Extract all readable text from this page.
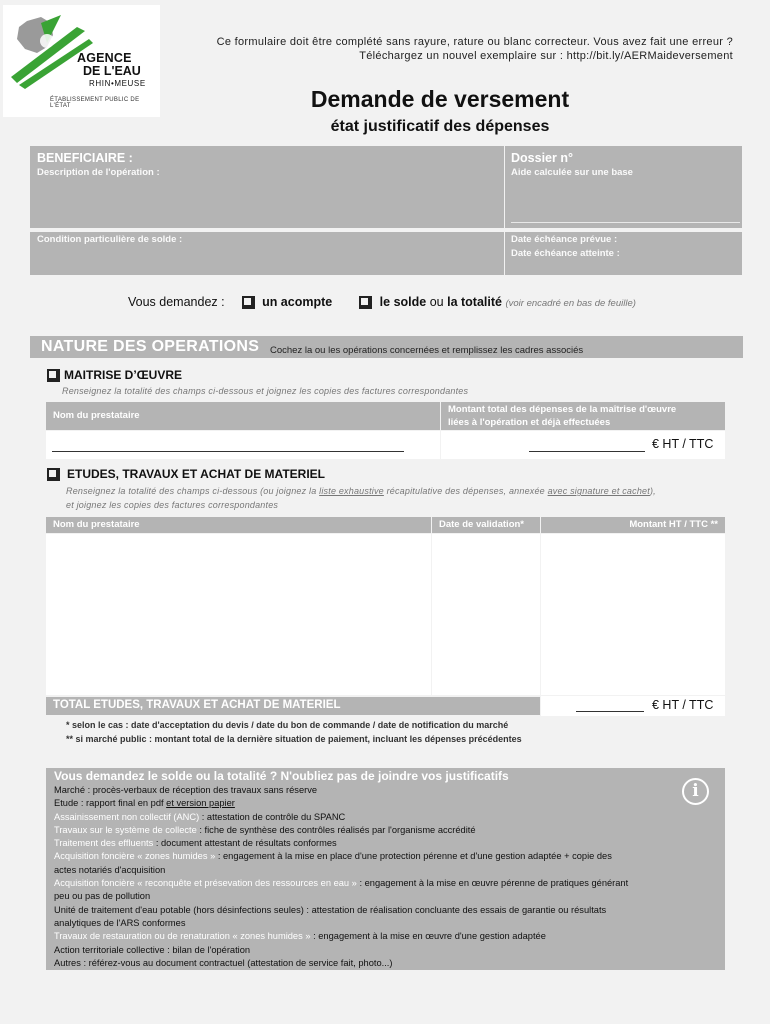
AGENCE
DE L'EAU
RHIN•MEUSE
ÉTABLISSEMENT PUBLIC DE L'ÉTAT
Ce formulaire doit être complété sans rayure, rature ou blanc correcteur. Vous avez fait une erreur ?
Téléchargez un nouvel exemplaire sur : http://bit.ly/AERMaideversement
Demande de versement
état justificatif des dépenses
BENEFICIAIRE :
Description de l'opération :
Dossier n°
Aide calculée sur une base
Condition particulière de solde :	Date échéance prévue :
Date échéance atteinte :
Vous demandez :	un acompte	le solde ou la totalité (voir encadré en bas de feuille)
NATURE DES OPERATIONS Cochez la ou les opérations concernées et remplissez les cadres associés
MAITRISE D’ŒUVRE
Renseignez la totalité des champs ci-dessous et joignez les copies des factures correspondantes
Nom du prestataire
Montant total des dépenses de la maîtrise d'œuvre
liées à l'opération et déjà effectuées
€ HT / TTC
ETUDES, TRAVAUX ET ACHAT DE MATERIEL
Renseignez la totalité des champs ci-dessous (ou joignez la liste exhaustive récapitulative des dépenses, annexée avec signature et cachet),
et joignez les copies des factures correspondantes
Nom du prestataire	Date de validation*	Montant HT / TTC **
TOTAL ETUDES, TRAVAUX ET ACHAT DE MATERIEL	€ HT / TTC
* selon le cas : date d'acceptation du devis / date du bon de commande / date de notification du marché
** si marché public : montant total de la dernière situation de paiement, incluant les dépenses précédentes
Vous demandez le solde ou la totalité ? N'oubliez pas de joindre vos justificatifs
Marché : procès-verbaux de réception des travaux sans réserve
Etude : rapport final en pdf et version papier
Assainissement non collectif (ANC) : attestation de contrôle du SPANC
Travaux sur le système de collecte : fiche de synthèse des contrôles réalisés par l'organisme accrédité
Traitement des effluents : document attestant de résultats conformes
Acquisition foncière « zones humides » : engagement à la mise en place d'une protection pérenne et d'une gestion adaptée + copie des
actes notariés d'acquisition
Acquisition foncière « reconquête et présevation des ressources en eau » : engagement à la mise en œuvre pérenne de pratiques générant
peu ou pas de pollution
Unité de traitement d'eau potable (hors désinfections seules) : attestation de réalisation concluante des essais de garantie ou résultats
analytiques de l'ARS conformes
Travaux de restauration ou de renaturation « zones humides » : engagement à la mise en œuvre d'une gestion adaptée
Action territoriale collective : bilan de l'opération
Autres : référez-vous au document contractuel (attestation de service fait, photo...)
i
